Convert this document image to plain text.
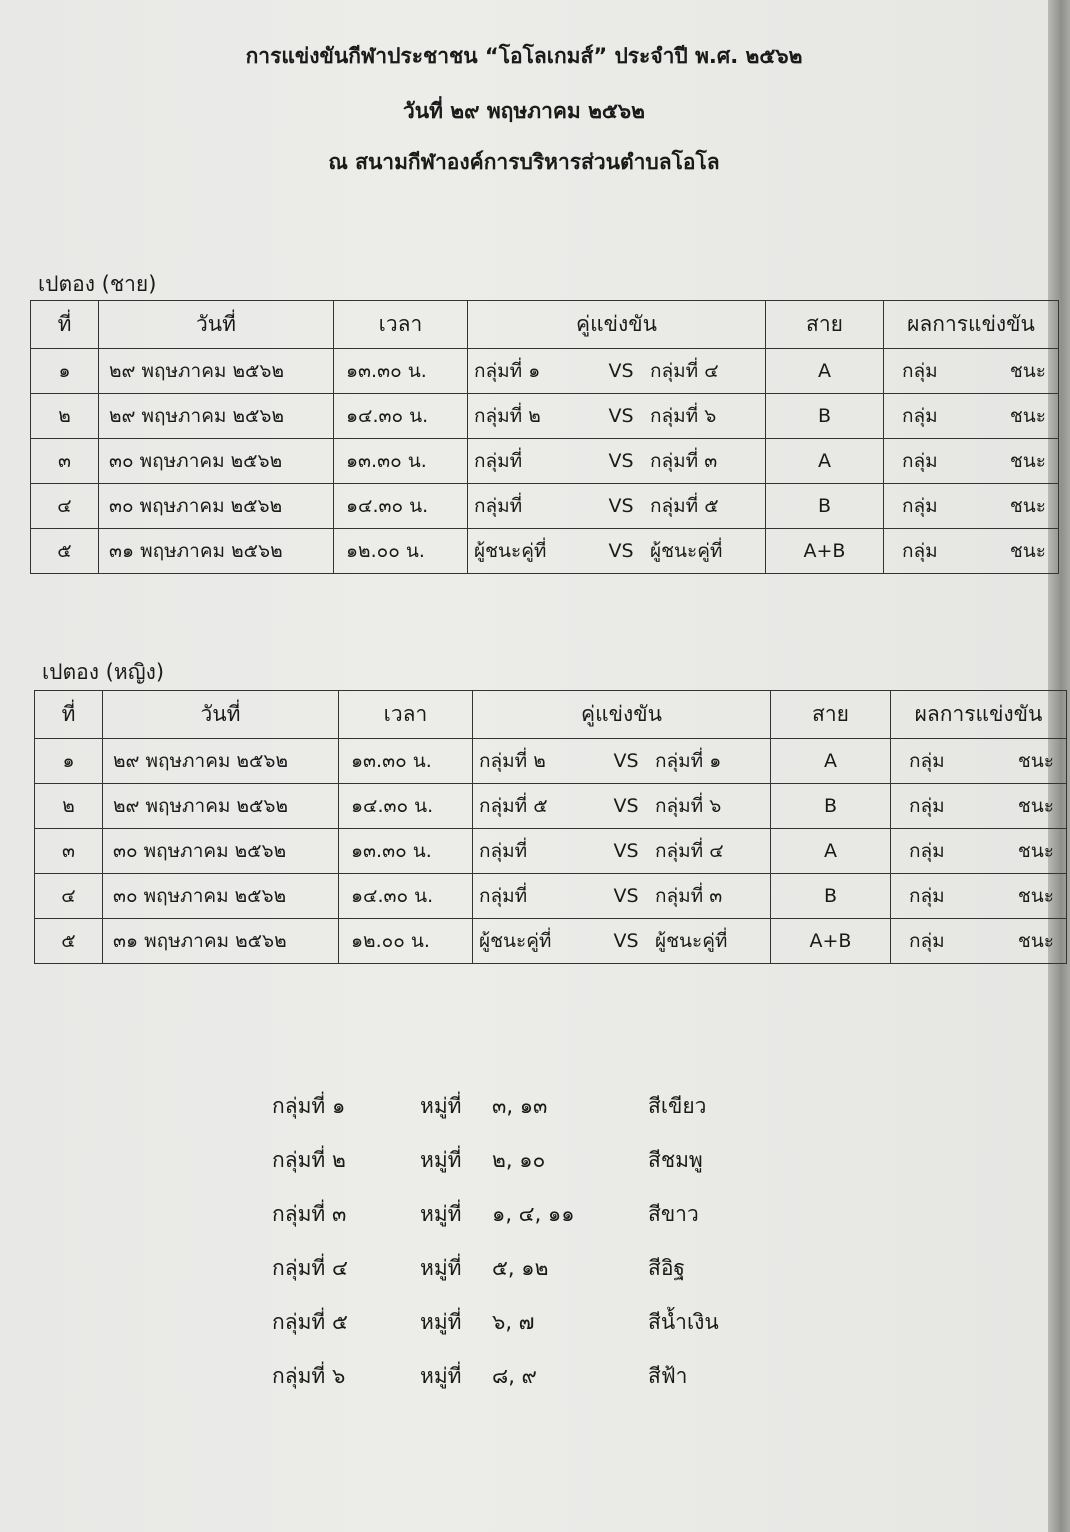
การแข่งขันกีฬาประชาชน “โอโลเกมส์” ประจำปี พ.ศ. ๒๕๖๒
วันที่ ๒๙ พฤษภาคม ๒๕๖๒
ณ สนามกีฬาองค์การบริหารส่วนตำบลโอโล
เปตอง (ชาย)
ที่	วันที่	เวลา	คู่แข่งขัน	สาย	ผลการแข่งขัน
๑	๒๙ พฤษภาคม ๒๕๖๒	๑๓.๓๐ น.	กลุ่มที่ ๑ VS กลุ่มที่ ๔	A	กลุ่ม ชนะ

๒	๒๙ พฤษภาคม ๒๕๖๒	๑๔.๓๐ น.	กลุ่มที่ ๒ VS กลุ่มที่ ๖	B	กลุ่ม ชนะ

๓	๓๐ พฤษภาคม ๒๕๖๒	๑๓.๓๐ น.	กลุ่มที่ VS กลุ่มที่ ๓	A	กลุ่ม ชนะ

๔	๓๐ พฤษภาคม ๒๕๖๒	๑๔.๓๐ น.	กลุ่มที่ VS กลุ่มที่ ๕	B	กลุ่ม ชนะ

๕	๓๑ พฤษภาคม ๒๕๖๒	๑๒.๐๐ น.	ผู้ชนะคู่ที่ VS ผู้ชนะคู่ที่	A+B	กลุ่ม ชนะ
เปตอง (หญิง)
ที่	วันที่	เวลา	คู่แข่งขัน	สาย	ผลการแข่งขัน
๑	๒๙ พฤษภาคม ๒๕๖๒	๑๓.๓๐ น.	กลุ่มที่ ๒ VS กลุ่มที่ ๑	A	กลุ่ม ชนะ

๒	๒๙ พฤษภาคม ๒๕๖๒	๑๔.๓๐ น.	กลุ่มที่ ๕ VS กลุ่มที่ ๖	B	กลุ่ม ชนะ

๓	๓๐ พฤษภาคม ๒๕๖๒	๑๓.๓๐ น.	กลุ่มที่ VS กลุ่มที่ ๔	A	กลุ่ม ชนะ

๔	๓๐ พฤษภาคม ๒๕๖๒	๑๔.๓๐ น.	กลุ่มที่ VS กลุ่มที่ ๓	B	กลุ่ม ชนะ

๕	๓๑ พฤษภาคม ๒๕๖๒	๑๒.๐๐ น.	ผู้ชนะคู่ที่ VS ผู้ชนะคู่ที่	A+B	กลุ่ม ชนะ
กลุ่มที่ ๑	หมู่ที่ ๓, ๑๓	สีเขียว
กลุ่มที่ ๒	หมู่ที่ ๒, ๑๐	สีชมพู
กลุ่มที่ ๓	หมู่ที่ ๑, ๔, ๑๑	สีขาว
กลุ่มที่ ๔	หมู่ที่ ๕, ๑๒	สีอิฐ
กลุ่มที่ ๕	หมู่ที่ ๖, ๗	สีน้ำเงิน
กลุ่มที่ ๖	หมู่ที่ ๘, ๙	สีฟ้า
